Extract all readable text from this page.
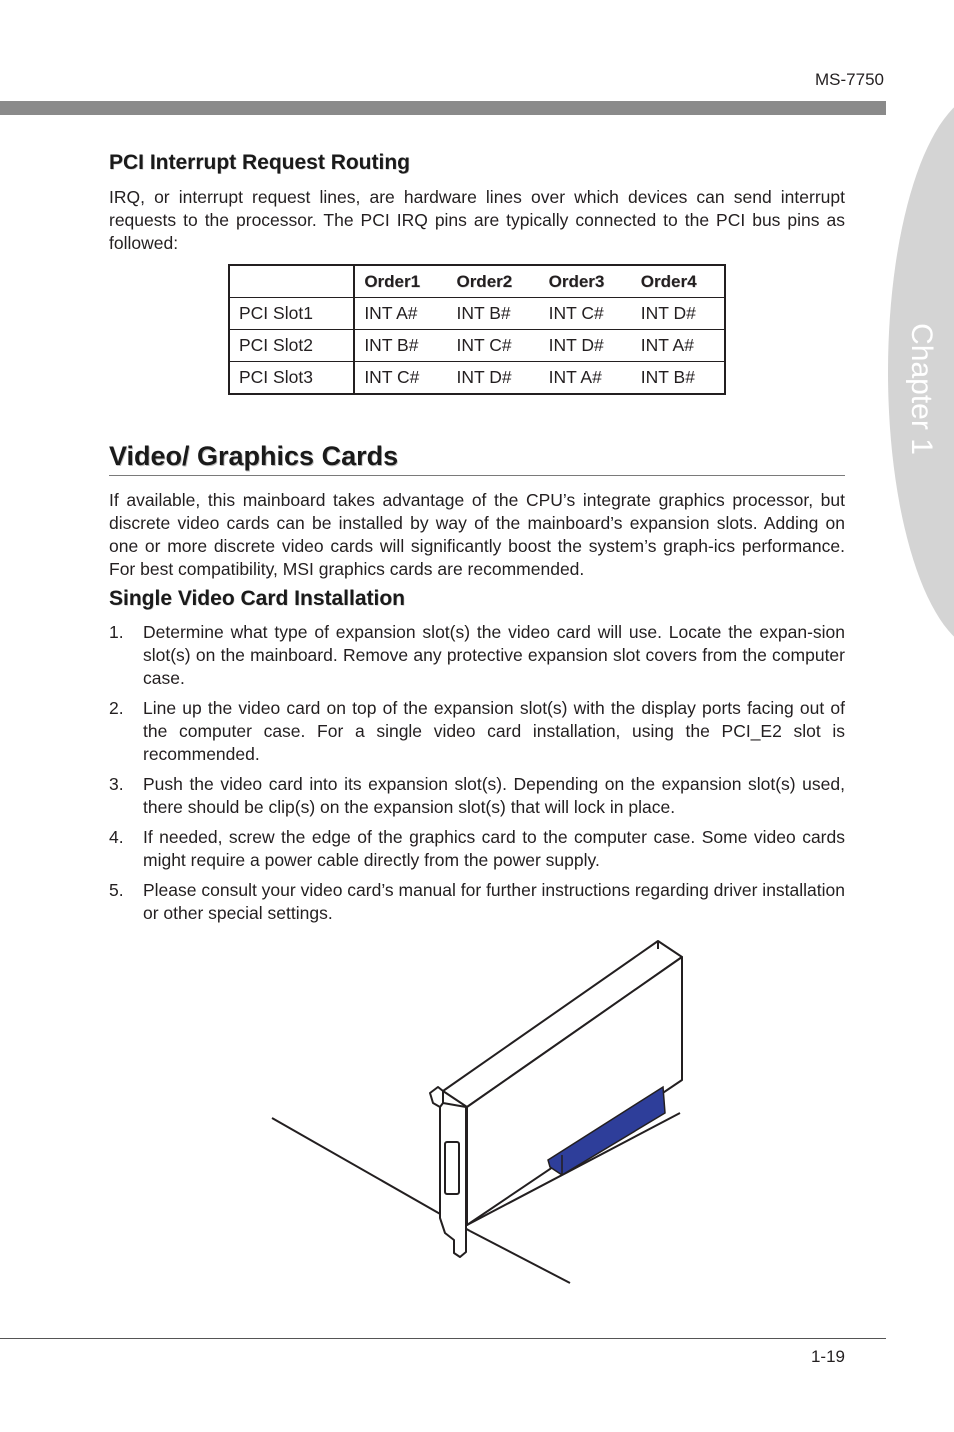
MS-7750
Chapter 1
PCI Interrupt Request Routing

IRQ, or interrupt request lines, are hardware lines over which devices can send interrupt requests to the processor. The PCI IRQ pins are typically connected to the PCI bus pins as followed:

	Order1	Order2	Order3	Order4
PCI Slot1	INT A#	INT B#	INT C#	INT D#
PCI Slot2	INT B#	INT C#	INT D#	INT A#
PCI Slot3	INT C#	INT D#	INT A#	INT B#
Video/ Graphics Cards

If available, this mainboard takes advantage of the CPU’s integrate graphics processor, but discrete video cards can be installed by way of the mainboard’s expansion slots. Adding on one or more discrete video cards will significantly boost the system’s graph-ics performance. For best compatibility, MSI graphics cards are recommended.

Single Video Card Installation
1. Determine what type of expansion slot(s) the video card will use. Locate the expan-sion slot(s) on the mainboard. Remove any protective expansion slot covers from the computer case.
2. Line up the video card on top of the expansion slot(s) with the display ports facing out of the computer case. For a single video card installation, using the PCI_E2 slot is recommended.
3. Push the video card into its expansion slot(s). Depending on the expansion slot(s) used, there should be clip(s) on the expansion slot(s) that will lock in place.
4. If needed, screw the edge of the graphics card to the computer case. Some video cards might require a power cable directly from the power supply.
5. Please consult your video card’s manual for further instructions regarding driver installation or other special settings.
1-19
